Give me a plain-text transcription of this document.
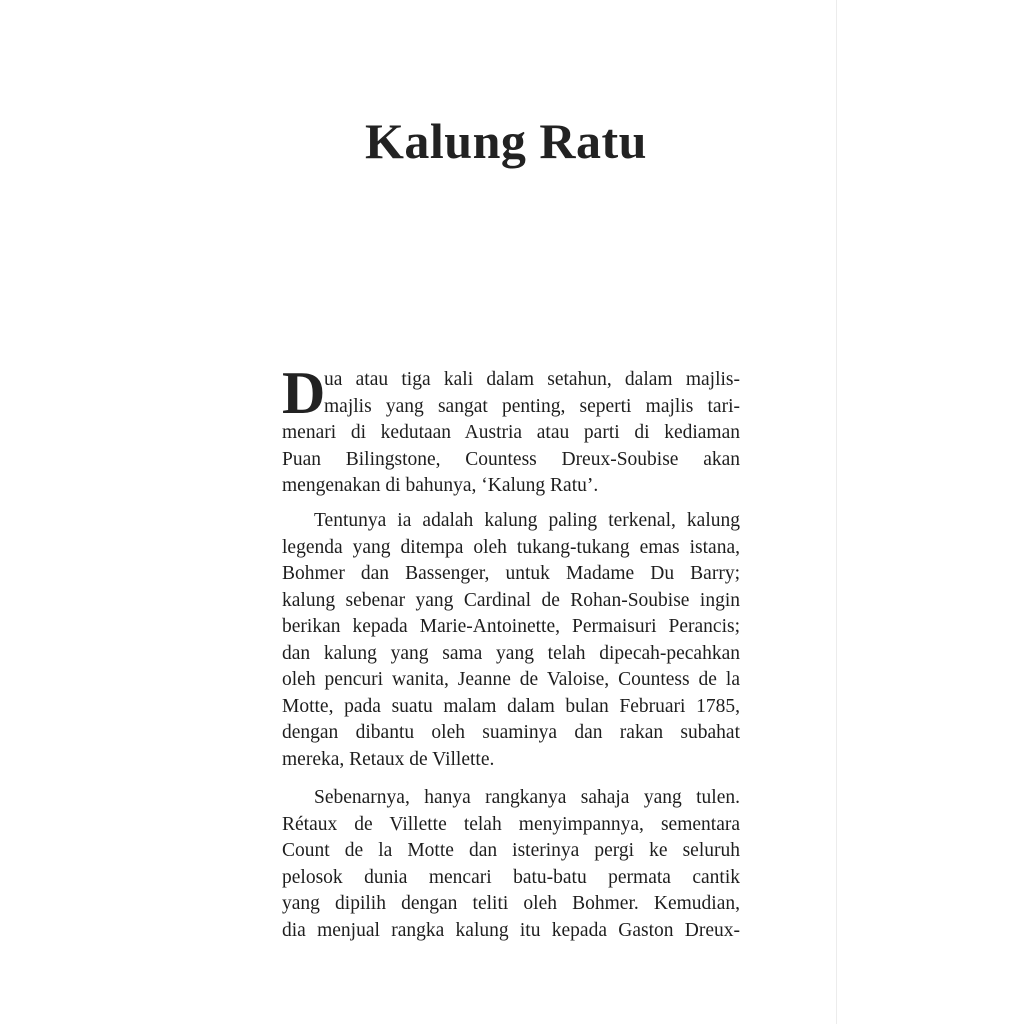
Kalung Ratu
D
ua atau tiga kali dalam setahun, dalam majlis-
majlis yang sangat penting, seperti majlis tari-
menari di kedutaan Austria atau parti di kediaman
Puan Bilingstone, Countess Dreux-Soubise akan
mengenakan di bahunya, ‘Kalung Ratu’.
Tentunya ia adalah kalung paling terkenal, kalung
legenda yang ditempa oleh tukang-tukang emas istana,
Bohmer dan Bassenger, untuk Madame Du Barry;
kalung sebenar yang Cardinal de Rohan-Soubise ingin
berikan kepada Marie-Antoinette, Permaisuri Perancis;
dan kalung yang sama yang telah dipecah-pecahkan
oleh pencuri wanita, Jeanne de Valoise, Countess de la
Motte, pada suatu malam dalam bulan Februari 1785,
dengan dibantu oleh suaminya dan rakan subahat
mereka, Retaux de Villette.
Sebenarnya, hanya rangkanya sahaja yang tulen.
Rétaux de Villette telah menyimpannya, sementara
Count de la Motte dan isterinya pergi ke seluruh
pelosok dunia mencari batu-batu permata cantik
yang dipilih dengan teliti oleh Bohmer. Kemudian,
dia menjual rangka kalung itu kepada Gaston Dreux-
